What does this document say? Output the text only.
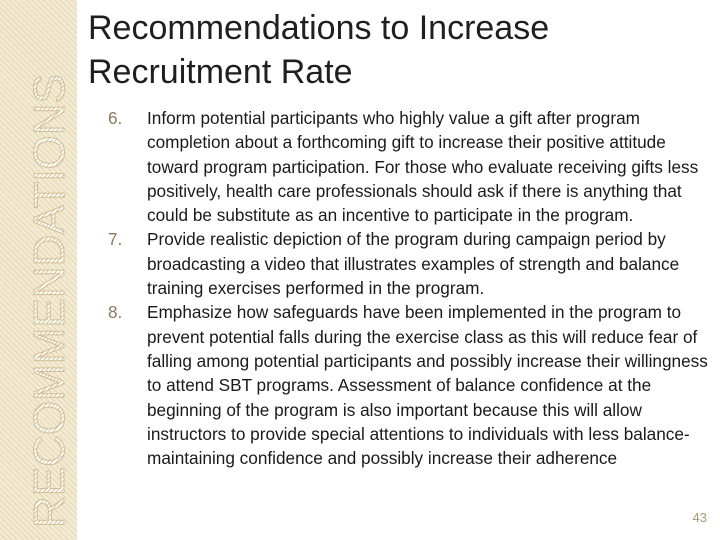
RECOMMENDATIONS
Recommendations to Increase Recruitment Rate
6. Inform potential participants who highly value a gift after program completion about a forthcoming gift to increase their positive attitude toward program participation. For those who evaluate receiving gifts less positively, health care professionals should ask if there is anything that could be substitute as an incentive to participate in the program.
7. Provide realistic depiction of the program during campaign period by broadcasting a video that illustrates examples of strength and balance training exercises performed in the program.
8. Emphasize how safeguards have been implemented in the program to prevent potential falls during the exercise class as this will reduce fear of falling among potential participants and possibly increase their willingness to attend SBT programs. Assessment of balance confidence at the beginning of the program is also important because this will allow instructors to provide special attentions to individuals with less balance-maintaining confidence and possibly increase their adherence
43
